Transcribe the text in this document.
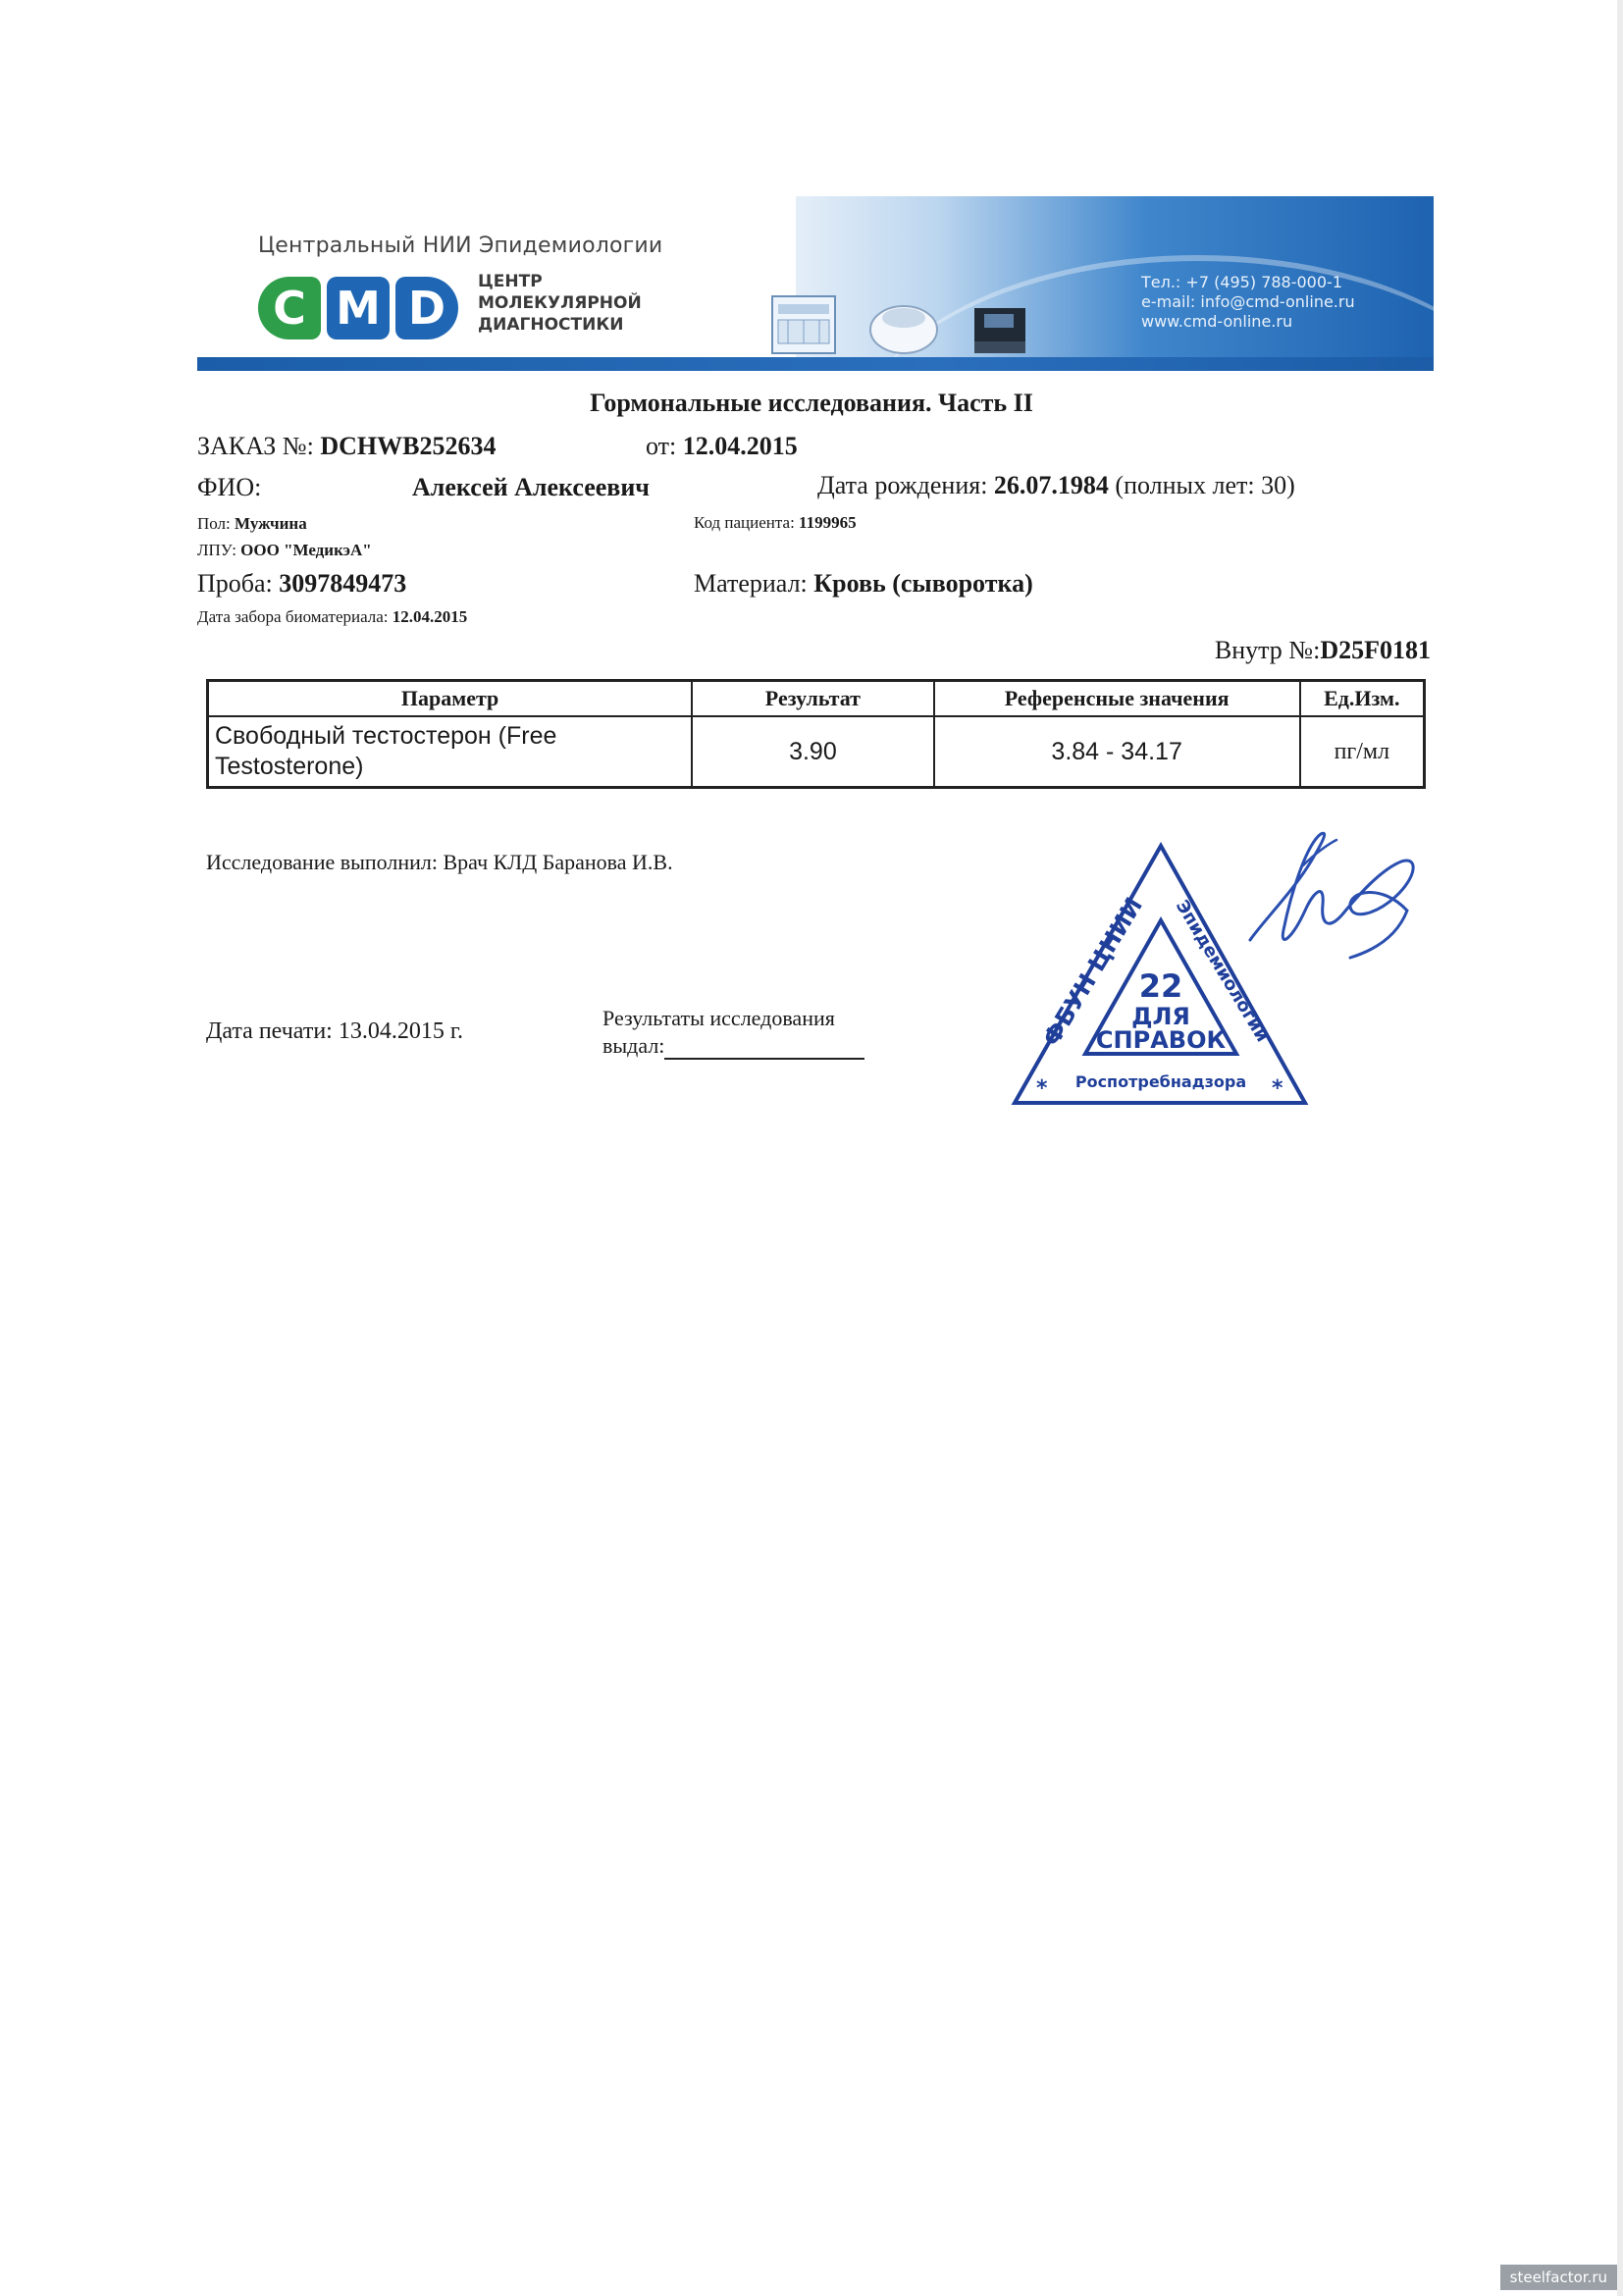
Центральный НИИ Эпидемиологии
C M D	ЦЕНТР
МОЛЕКУЛЯРНОЙ
ДИАГНОСТИКИ
Тел.: +7 (495) 788-000-1
e-mail: info@cmd-online.ru
www.cmd-online.ru
Гормональные исследования. Часть II
ЗАКАЗ №: DCHWB252634	от: 12.04.2015
ФИО:	Алексей Алексеевич	Дата рождения: 26.07.1984 (полных лет: 30)
Пол: Мужчина	Код пациента: 1199965
ЛПУ: ООО "МедикэА"
Проба: 3097849473	Материал: Кровь (сыворотка)
Дата забора биоматериала: 12.04.2015
Внутр №:D25F0181
Параметр	Результат	Референсные значения	Ед.Изм.

Свободный тестостерон (Free
Testosterone)	3.90	3.84 - 34.17	пг/мл
Исследование выполнил: Врач КЛД Баранова И.В.
Дата печати: 13.04.2015 г.
Результаты исследования
выдал:	ФБУН ЦНИИ Эпидемиологии
22
ДЛЯ
СПРАВОК
Роспотребнадзора
*	*
steelfactor.ru
